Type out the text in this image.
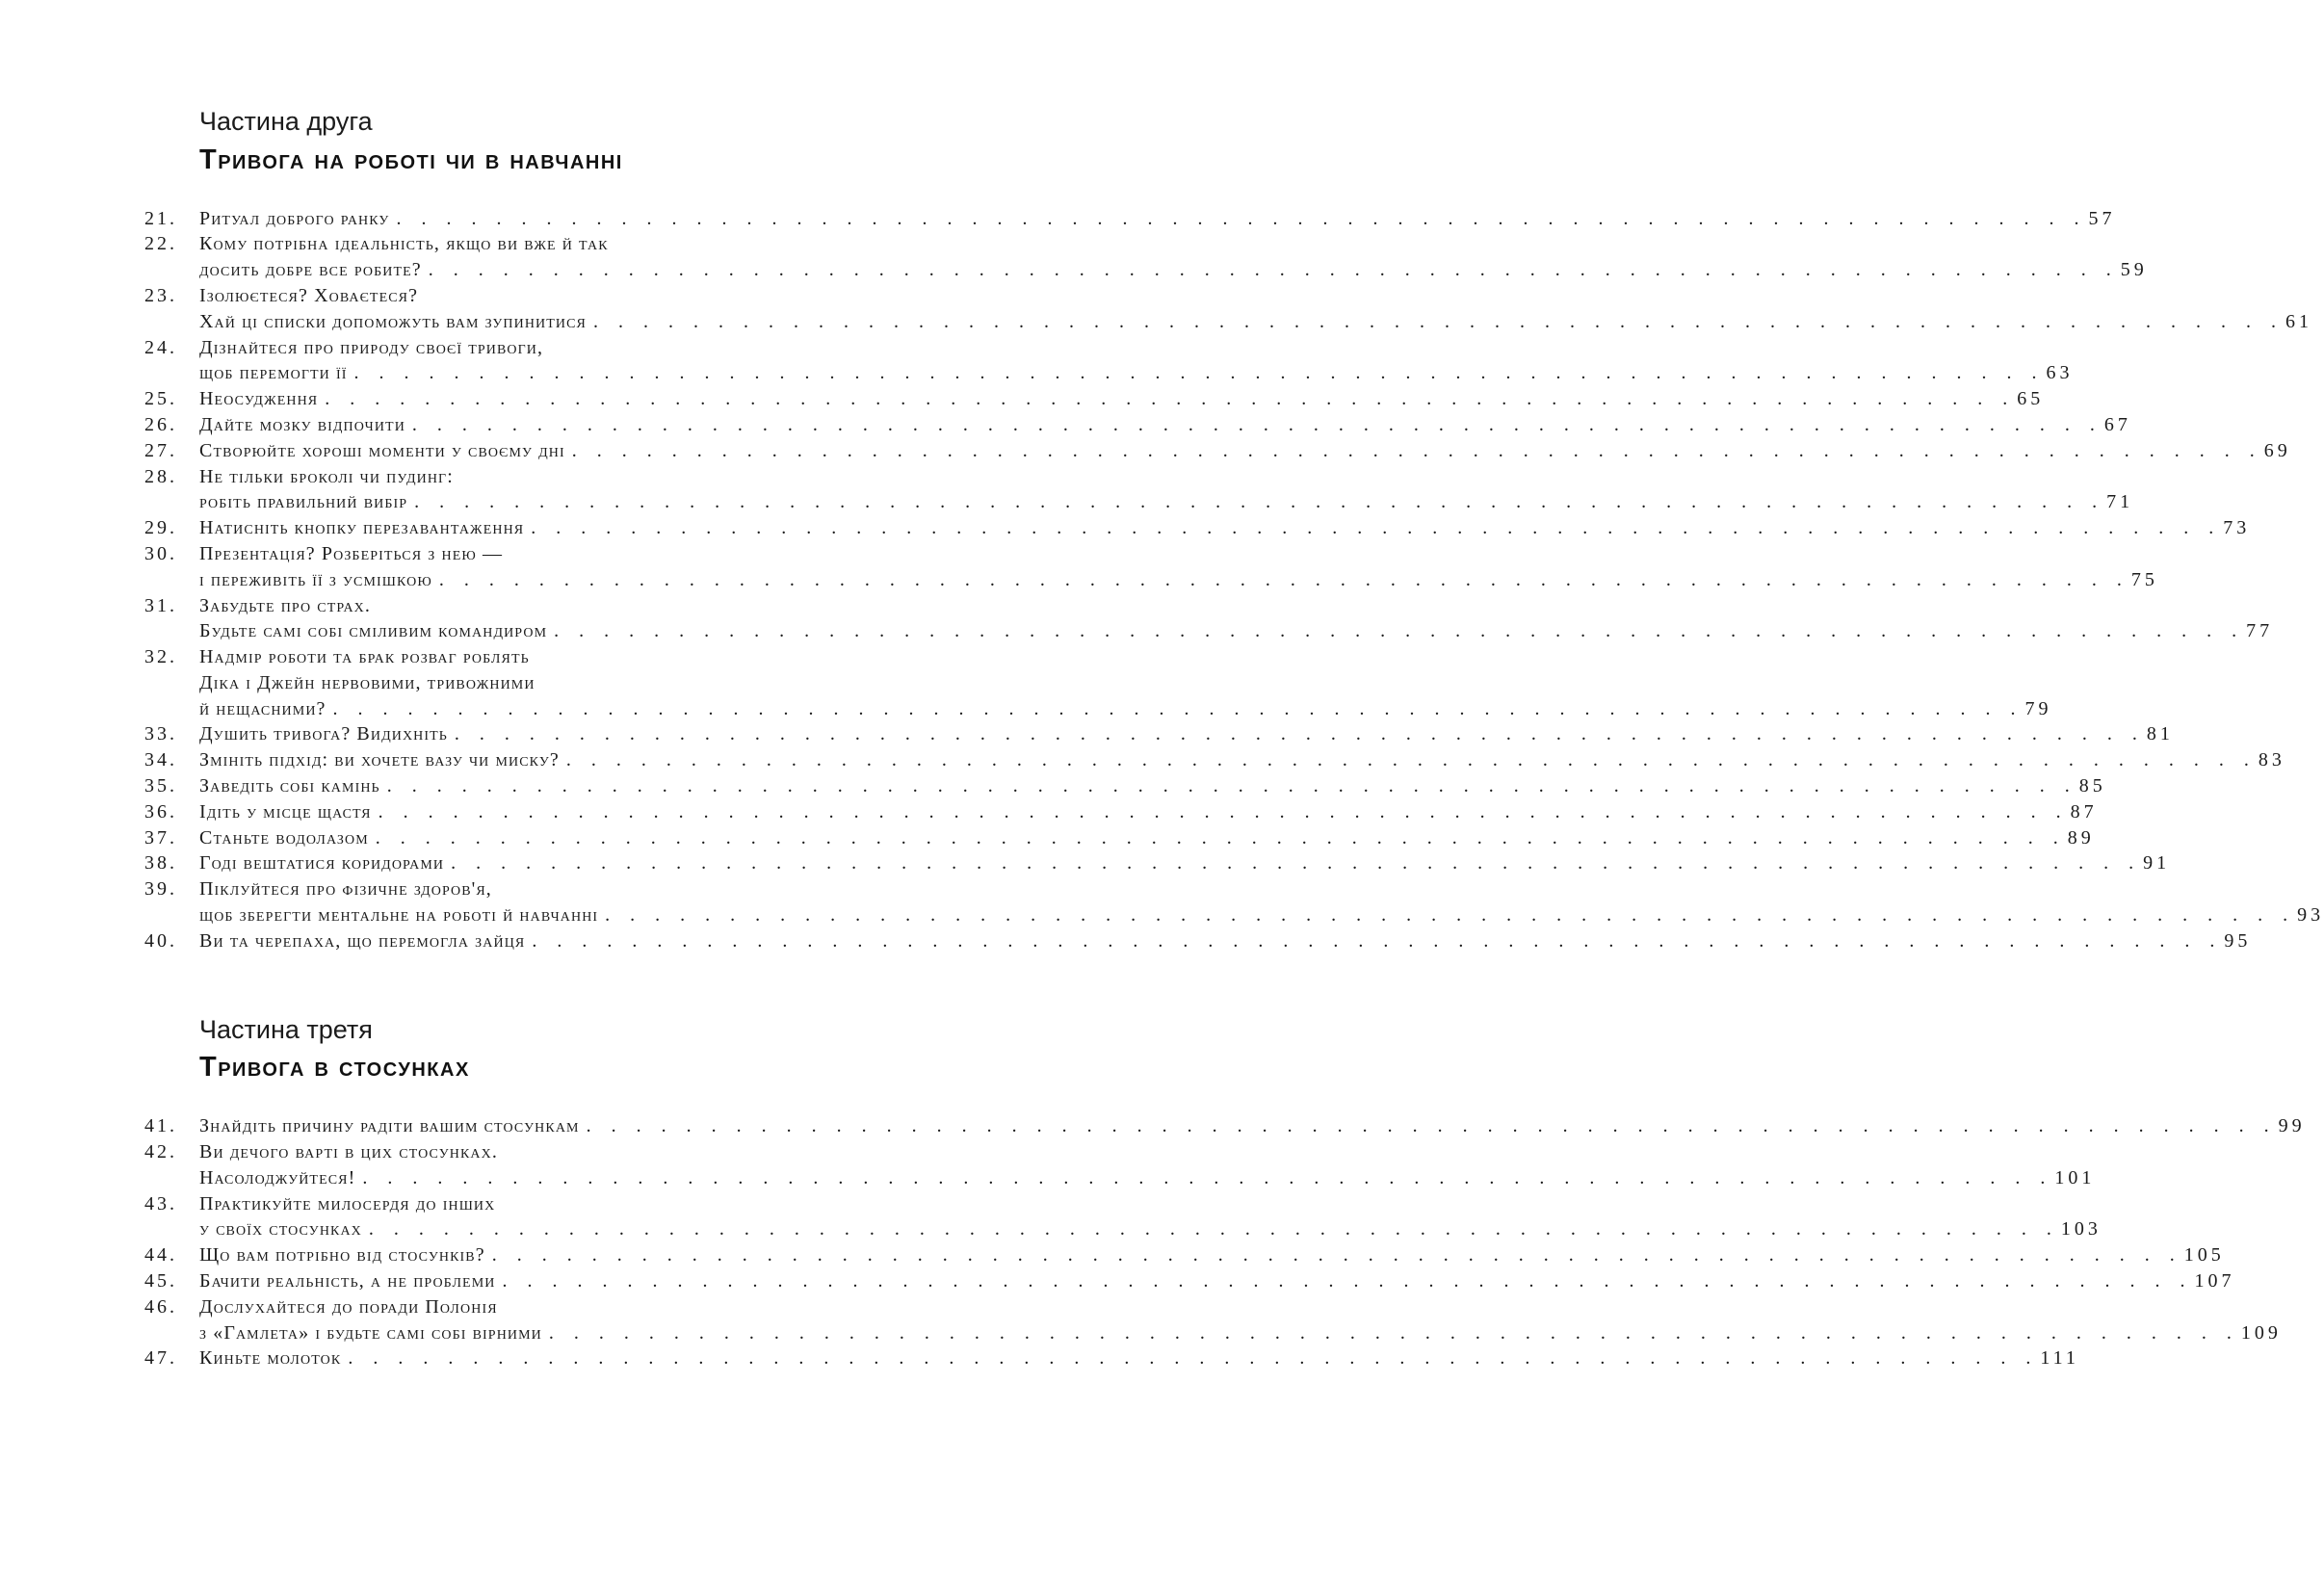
Частина друга
Тривога на роботі чи в навчанні
21.	Ритуал доброго ранку . . .	57
22.	Кому потрібна ідеальність, якщо ви вже й так
досить добре все робите? . . .	59
23.	Ізолюєтеся? Ховаєтеся?
Хай ці списки допоможуть вам зупинитися . . .	61
24.	Дізнайтеся про природу своєї тривоги,
щоб перемогти її . . .	63
25.	Неосудження . . .	65
26.	Дайте мозку відпочити . . .	67
27.	Створюйте хороші моменти у своєму дні . . .	69
28.	Не тільки броколі чи пудинг:
робіть правильний вибір . . .	71
29.	Натисніть кнопку перезавантаження . . .	73
30.	Презентація? Розберіться з нею —
і переживіть її з усмішкою . . .	75
31.	Забудьте про страх.
Будьте самі собі сміливим командиром . . .	77
32.	Надмір роботи та брак розваг роблять
Діка і Джейн нервовими, тривожними
й нещасними? . . .	79
33.	Душить тривога? Видихніть . . .	81
34.	Змініть підхід: ви хочете вазу чи миску? . . .	83
35.	Заведіть собі камінь . . .	85
36.	Ідіть у місце щастя . . .	87
37.	Станьте водолазом . . .	89
38.	Годі вештатися коридорами . . .	91
39.	Піклуйтеся про фізичне здоров'я,
щоб зберегти ментальне на роботі й навчанні . . .	93
40.	Ви та черепаха, що перемогла зайця . . .	95
Частина третя
Тривога в стосунках
41.	Знайдіть причину радіти вашим стосункам . . .	99
42.	Ви дечого варті в цих стосунках.
Насолоджуйтеся! . . .	101
43.	Практикуйте милосердя до інших
у своїх стосунках . . .	103
44.	Що вам потрібно від стосунків? . . .	105
45.	Бачити реальність, а не проблеми . . .	107
46.	Дослухайтеся до поради Полонія
з «Гамлета» і будьте самі собі вірними . . .	109
47.	Киньте молоток . . .	111
